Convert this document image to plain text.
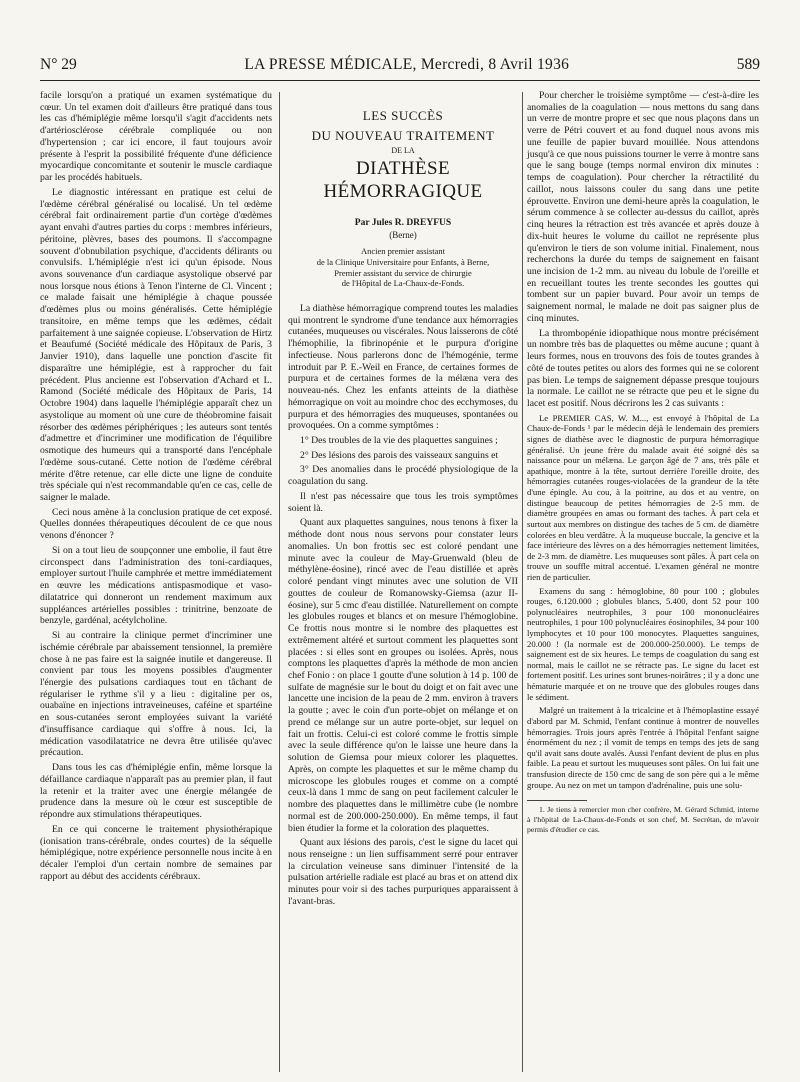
N° 29	LA PRESSE MÉDICALE, Mercredi, 8 Avril 1936	589

facile lorsqu'on a pratiqué un examen systématique du cœur. Un tel examen doit d'ailleurs être pratiqué dans tous les cas d'hémiplégie même lorsqu'il s'agit d'accidents nets d'artériosclérose cérébrale compliquée ou non d'hypertension ; car ici encore, il faut toujours avoir présente à l'esprit la possibilité fréquente d'une déficience myocardique concomitante et soutenir le muscle cardiaque par les procédés habituels.

Le diagnostic intéressant en pratique est celui de l'œdème cérébral généralisé ou localisé. Un tel œdème cérébral fait ordinairement partie d'un cortège d'œdèmes ayant envahi d'autres parties du corps : membres inférieurs, péritoine, plèvres, bases des poumons. Il s'accompagne souvent d'obnubilation psychique, d'accidents délirants ou convulsifs. L'hémiplégie n'est ici qu'un épisode. Nous avons souvenance d'un cardiaque asystolique observé par nous lorsque nous étions à Tenon l'interne de Cl. Vincent ; ce malade faisait une hémiplégie à chaque poussée d'œdèmes plus ou moins généralisés. Cette hémiplégie transitoire, en même temps que les œdèmes, cédait parfaitement à une saignée copieuse. L'observation de Hirtz et Beaufumé (Société médicale des Hôpitaux de Paris, 3 Janvier 1910), dans laquelle une ponction d'ascite fit disparaître une hémiplégie, est à rapprocher du fait précédent. Plus ancienne est l'observation d'Achard et L. Ramond (Société médicale des Hôpitaux de Paris, 14 Octobre 1904) dans laquelle l'hémiplégie apparaît chez un asystolique au moment où une cure de théobromine faisait résorber des œdèmes périphériques ; les auteurs sont tentés d'admettre et d'incriminer une modification de l'équilibre osmotique des humeurs qui a transporté dans l'encéphale l'œdème sous-cutané. Cette notion de l'œdème cérébral mérite d'être retenue, car elle dicte une ligne de conduite très spéciale qui n'est recommandable qu'en ce cas, celle de saigner le malade.

Ceci nous amène à la conclusion pratique de cet exposé. Quelles données thérapeutiques découlent de ce que nous venons d'énoncer ?

Si on a tout lieu de soupçonner une embolie, il faut être circonspect dans l'administration des toni-cardiaques, employer surtout l'huile camphrée et mettre immédiatement en œuvre les médications antispasmodique et vaso-dilatatrice qui donneront un rendement maximum aux suppléances artérielles possibles : trinitrine, benzoate de benzyle, gardénal, acétylcholine.

Si au contraire la clinique permet d'incriminer une ischémie cérébrale par abaissement tensionnel, la première chose à ne pas faire est la saignée inutile et dangereuse. Il convient par tous les moyens possibles d'augmenter l'énergie des pulsations cardiaques tout en tâchant de régulariser le rythme s'il y a lieu : digitaline per os, ouabaïne en injections intraveineuses, caféine et spartéine en sous-cutanées seront employées suivant la variété d'insuffisance cardiaque qui s'offre à nous. Ici, la médication vasodilatatrice ne devra être utilisée qu'avec précaution.

Dans tous les cas d'hémiplégie enfin, même lorsque la défaillance cardiaque n'apparaît pas au premier plan, il faut la retenir et la traiter avec une énergie mélangée de prudence dans la mesure où le cœur est susceptible de répondre aux stimulations thérapeutiques.

En ce qui concerne le traitement physiothérapique (ionisation trans-cérébrale, ondes courtes) de la séquelle hémiplégique, notre expérience personnelle nous incite à en décaler l'emploi d'un certain nombre de semaines par rapport au début des accidents cérébraux.

LES SUCCÈS
DU NOUVEAU TRAITEMENT
DE LA
DIATHÈSE HÉMORRAGIQUE
Par Jules R. DREYFUS
(Berne)
Ancien premier assistant
de la Clinique Universitaire pour Enfants, à Berne,
Premier assistant du service de chirurgie
de l'Hôpital de La-Chaux-de-Fonds.

La diathèse hémorragique comprend toutes les maladies qui montrent le syndrome d'une tendance aux hémorragies cutanées, muqueuses ou viscérales. Nous laisserons de côté l'hémophilie, la fibrinopénie et le purpura d'origine infectieuse. Nous parlerons donc de l'hémogénie, terme introduit par P. E.-Weil en France, de certaines formes de purpura et de certaines formes de la mélæna vera des nouveau-nés. Chez les enfants atteints de la diathèse hémorragique on voit au moindre choc des ecchymoses, du purpura et des hémorragies des muqueuses, spontanées ou provoquées. On a comme symptômes :

1° Des troubles de la vie des plaquettes sanguines ;

2° Des lésions des parois des vaisseaux sanguins et

3° Des anomalies dans le procédé physiologique de la coagulation du sang.

Il n'est pas nécessaire que tous les trois symptômes soient là.

Quant aux plaquettes sanguines, nous tenons à fixer la méthode dont nous nous servons pour constater leurs anomalies. Un bon frottis sec est coloré pendant une minute avec la couleur de May-Gruenwald (bleu de méthylène-éosine), rincé avec de l'eau distillée et après coloré pendant vingt minutes avec une solution de VII gouttes de couleur de Romanowsky-Giemsa (azur II-éosine), sur 5 cmc d'eau distillée. Naturellement on compte les globules rouges et blancs et on mesure l'hémoglobine. Ce frottis nous montre si le nombre des plaquettes est extrêmement altéré et surtout comment les plaquettes sont placées : si elles sont en groupes ou isolées. Après, nous comptons les plaquettes d'après la méthode de mon ancien chef Fonio : on place 1 goutte d'une solution à 14 p. 100 de sulfate de magnésie sur le bout du doigt et on fait avec une lancette une incision de la peau de 2 mm. environ à travers la goutte ; avec le coin d'un porte-objet on mélange et on prend ce mélange sur un autre porte-objet, sur lequel on fait un frottis. Celui-ci est coloré comme le frottis simple avec la seule différence qu'on le laisse une heure dans la solution de Giemsa pour mieux colorer les plaquettes. Après, on compte les plaquettes et sur le même champ du microscope les globules rouges et comme on a compté ceux-là dans 1 mmc de sang on peut facilement calculer le nombre des plaquettes dans le millimètre cube (le nombre normal est de 200.000-250.000). En même temps, il faut bien étudier la forme et la coloration des plaquettes.

Quant aux lésions des parois, c'est le signe du lacet qui nous renseigne : un lien suffisamment serré pour entraver la circulation veineuse sans diminuer l'intensité de la pulsation artérielle radiale est placé au bras et on attend dix minutes pour voir si des taches purpuriques apparaissent à l'avant-bras.

Pour chercher le troisième symptôme — c'est-à-dire les anomalies de la coagulation — nous mettons du sang dans un verre de montre propre et sec que nous plaçons dans un verre de Pétri couvert et au fond duquel nous avons mis une feuille de papier buvard mouillée. Nous attendons jusqu'à ce que nous puissions tourner le verre à montre sans que le sang bouge (temps normal environ dix minutes : temps de coagulation). Pour chercher la rétractilité du caillot, nous laissons couler du sang dans une petite éprouvette. Environ une demi-heure après la coagulation, le sérum commence à se collecter au-dessus du caillot, après cinq heures la rétraction est très avancée et après douze à dix-huit heures le volume du caillot ne représente plus qu'environ le tiers de son volume initial. Finalement, nous recherchons la durée du temps de saignement en faisant une incision de 1-2 mm. au niveau du lobule de l'oreille et en recueillant toutes les trente secondes les gouttes qui tombent sur un papier buvard. Pour avoir un temps de saignement normal, le malade ne doit pas saigner plus de cinq minutes.

La thrombopénie idiopathique nous montre précisément un nombre très bas de plaquettes ou même aucune ; quant à leurs formes, nous en trouvons des fois de toutes grandes à côté de toutes petites ou alors des formes qui ne se colorent pas bien. Le temps de saignement dépasse presque toujours la normale. Le caillot ne se rétracte que peu et le signe du lacet est positif. Nous décrirons les 2 cas suivants :

Le PREMIER CAS, W. M..., est envoyé à l'hôpital de La Chaux-de-Fonds ¹ par le médecin déjà le lendemain des premiers signes de diathèse avec le diagnostic de purpura hémorragique généralisé. Un jeune frère du malade avait été soigné dès sa naissance pour un mélæna. Le garçon âgé de 7 ans, très pâle et apathique, montre à la tête, surtout derrière l'oreille droite, des hémorragies cutanées rouges-violacées de la grandeur de la tête d'une épingle. Au cou, à la poitrine, au dos et au ventre, on distingue beaucoup de petites hémorragies de 2-5 mm. de diamètre groupées en amas ou formant des taches. À part cela et surtout aux membres on distingue des taches de 5 cm. de diamètre colorées en bleu verdâtre. À la muqueuse buccale, la gencive et la face intérieure des lèvres on a des hémorragies nettement limitées, de 2-3 mm. de diamètre. Les muqueuses sont pâles. À part cela on trouve un souffle mitral accentué. L'examen général ne montre rien de particulier.

Examens du sang : hémoglobine, 80 pour 100 ; globules rouges, 6.120.000 ; globules blancs, 5.400, dont 52 pour 100 polynucléaires neutrophiles, 3 pour 100 mononucléaires neutrophiles, 1 pour 100 polynucléaires éosinophiles, 34 pour 100 lymphocytes et 10 pour 100 monocytes. Plaquettes sanguines, 20.000 ! (la normale est de 200.000-250.000). Le temps de saignement est de six heures. Le temps de coagulation du sang est normal, mais le caillot ne se rétracte pas. Le signe du lacet est fortement positif. Les urines sont brunes-noirâtres ; il y a donc une hématurie marquée et on ne trouve que des globules rouges dans le sédiment.

Malgré un traitement à la tricalcine et à l'hémoplastine essayé d'abord par M. Schmid, l'enfant continue à montrer de nouvelles hémorragies. Trois jours après l'entrée à l'hôpital l'enfant saigne énormément du nez ; il vomit de temps en temps des jets de sang qu'il avait sans doute avalés. Aussi l'enfant devient de plus en plus faible. La peau et surtout les muqueuses sont pâles. On lui fait une transfusion directe de 150 cmc de sang de son père qui a le même groupe. Au nez on met un tampon d'adrénaline, puis une solu-

1. Je tiens à remercier mon cher confrère, M. Gérard Schmid, interne à l'hôpital de La-Chaux-de-Fonds et son chef, M. Secrétan, de m'avoir permis d'étudier ce cas.
